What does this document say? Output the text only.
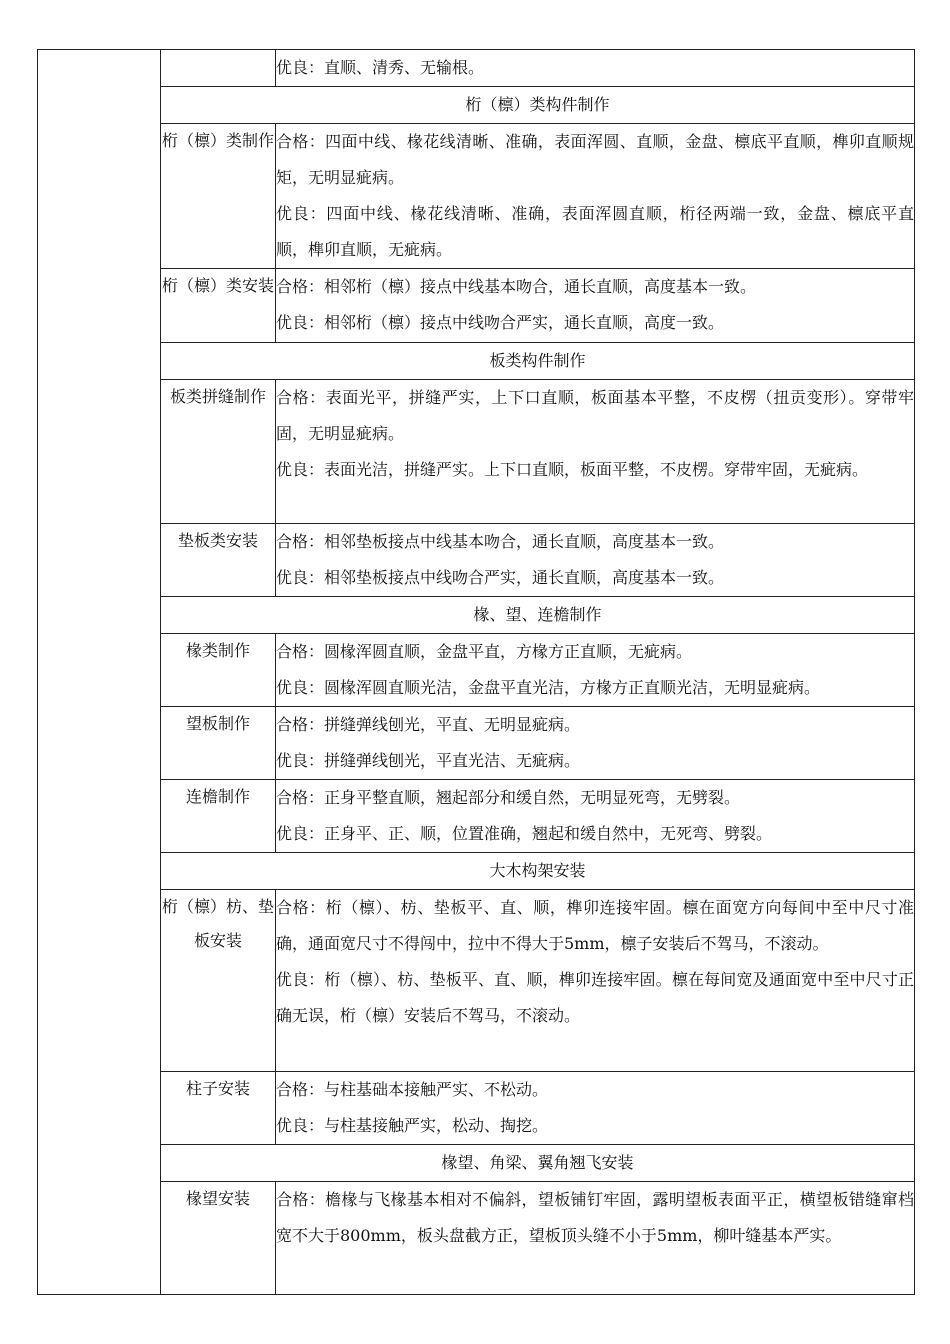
		优良：直顺、清秀、无输根。

	桁（檩）类构件制作	
	桁（檩）类制作	合格：四面中线、椽花线清晰、准确，表面浑圆、直顺，金盘、檩底平直顺，榫卯直顺规矩，无明显疵病。

优良：四面中线、椽花线清晰、准确，表面浑圆直顺，桁径两端一致，金盘、檩底平直顺，榫卯直顺，无疵病。

	桁（檩）类安装	合格：相邻桁（檩）接点中线基本吻合，通长直顺，高度基本一致。

优良：相邻桁（檩）接点中线吻合严实，通长直顺，高度一致。

	板类构件制作	
	板类拼缝制作	合格：表面光平，拼缝严实，上下口直顺，板面基本平整，不皮楞（扭贡变形）。穿带牢固，无明显疵病。

优良：表面光洁，拼缝严实。上下口直顺，板面平整，不皮楞。穿带牢固，无疵病。

	垫板类安装	合格：相邻垫板接点中线基本吻合，通长直顺，高度基本一致。

优良：相邻垫板接点中线吻合严实，通长直顺，高度基本一致。

	椽、望、连檐制作	
	椽类制作	合格：圆椽浑圆直顺，金盘平直，方椽方正直顺，无疵病。

优良：圆椽浑圆直顺光洁，金盘平直光洁，方椽方正直顺光洁，无明显疵病。

	望板制作	合格：拼缝弹线刨光，平直、无明显疵病。

优良：拼缝弹线刨光，平直光洁、无疵病。

	连檐制作	合格：正身平整直顺，翘起部分和缓自然，无明显死弯，无劈裂。

优良：正身平、正、顺，位置准确，翘起和缓自然中，无死弯、劈裂。

	大木构架安装	
	桁（檩）枋、垫板安装	合格：桁（檩）、枋、垫板平、直、顺，榫卯连接牢固。檩在面宽方向每间中至中尺寸准确，通面宽尺寸不得闯中，拉中不得大于5mm，檩子安装后不驾马，不滚动。

优良：桁（檩）、枋、垫板平、直、顺，榫卯连接牢固。檩在每间宽及通面宽中至中尺寸正确无误，桁（檩）安装后不驾马，不滚动。

	柱子安装	合格：与柱基础本接触严实、不松动。

优良：与柱基接触严实，松动、掏挖。

	椽望、角梁、翼角翘飞安装	
	椽望安装	合格：檐椽与飞椽基本相对不偏斜，望板铺钉牢固，露明望板表面平正，横望板错缝窜档宽不大于800mm，板头盘截方正，望板顶头缝不小于5mm，柳叶缝基本严实。
